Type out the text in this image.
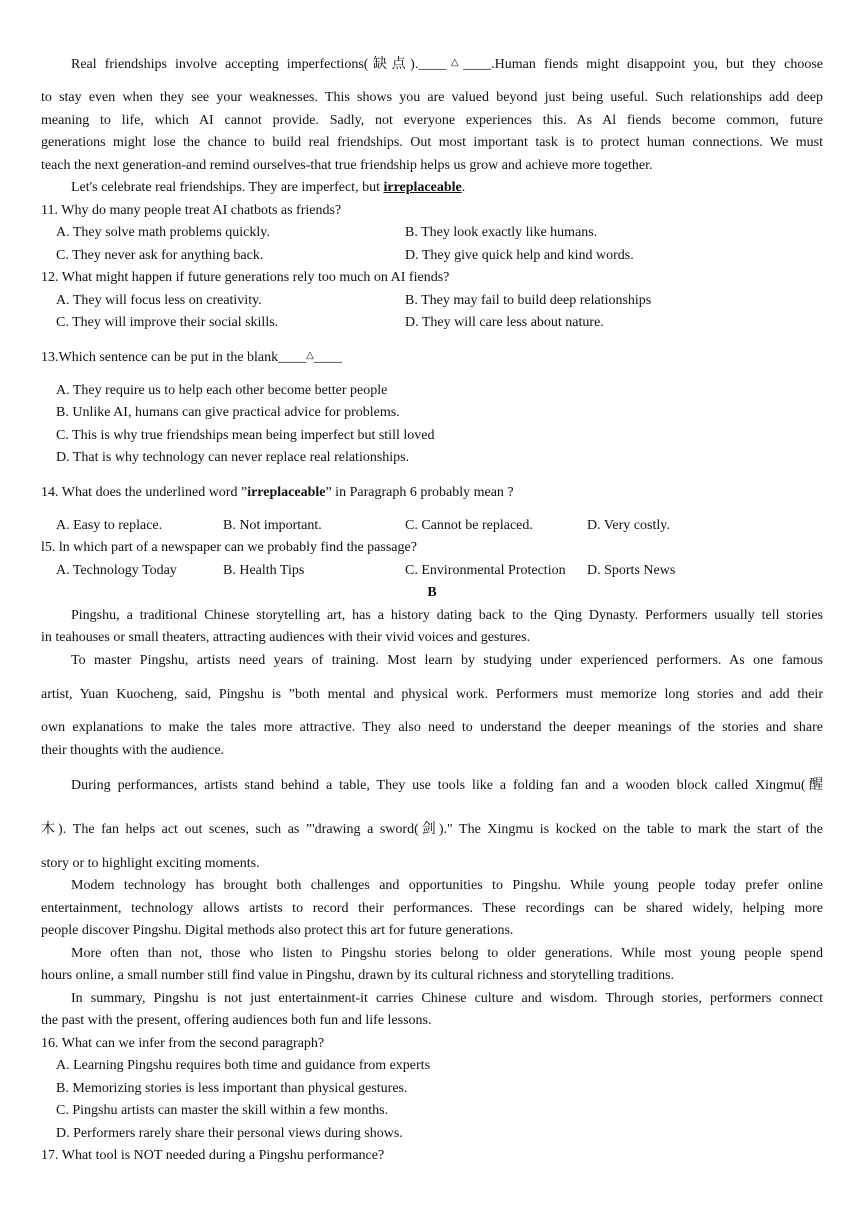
Real friendships involve accepting imperfections(缺点).____△____.Human fiends might disappoint you, but they choose
to stay even when they see your weaknesses. This shows you are valued beyond just being useful. Such relationships add deep
meaning to life, which AI cannot provide. Sadly, not everyone experiences this. As Al fiends become common, future
generations might lose the chance to build real friendships. Out most important task is to protect human connections. We must
teach the next generation-and remind ourselves-that true friendship helps us grow and achieve more together.
Let's celebrate real friendships. They are imperfect, but irreplaceable.
11. Why do many people treat AI chatbots as friends?
A. They solve math problems quickly.	B. They look exactly like humans.
C. They never ask for anything back.	D. They give quick help and kind words.
12. What might happen if future generations rely too much on AI fiends?
A. They will focus less on creativity.	B. They may fail to build deep relationships
C. They will improve their social skills.	D. They will care less about nature.
13.Which sentence can be put in the blank____△____
A. They require us to help each other become better people
B. Unlike AI, humans can give practical advice for problems.
C. This is why true friendships mean being imperfect but still loved
D. That is why technology can never replace real relationships.
14. What does the underlined word ”irreplaceable” in Paragraph 6 probably mean ?
A. Easy to replace.	B. Not important.	C. Cannot be replaced.	D. Very costly.
l5. ln which part of a newspaper can we probably find the passage?
A. Technology Today	B. Health Tips	C. Environmental Protection D. Sports News
B
Pingshu, a traditional Chinese storytelling art, has a history dating back to the Qing Dynasty. Performers usually tell stories
in teahouses or small theaters, attracting audiences with their vivid voices and gestures.
To master Pingshu, artists need years of training. Most learn by studying under experienced performers. As one famous
artist, Yuan Kuocheng, said, Pingshu is ”both mental and physical work. Performers must memorize long stories and add their
own explanations to make the tales more attractive. They also need to understand the deeper meanings of the stories and share
their thoughts with the audience.
During performances, artists stand behind a table, They use tools like a folding fan and a wooden block called Xingmu(醒
木). The fan helps act out scenes, such as ”'drawing a sword(剑)." The Xingmu is kocked on the table to mark the start of the
story or to highlight exciting moments.
Modem technology has brought both challenges and opportunities to Pingshu. While young people today prefer online
entertainment, technology allows artists to record their performances. These recordings can be shared widely, helping more
people discover Pingshu. Digital methods also protect this art for future generations.
More often than not, those who listen to Pingshu stories belong to older generations. While most young people spend
hours online, a small number still find value in Pingshu, drawn by its cultural richness and storytelling traditions.
In summary, Pingshu is not just entertainment-it carries Chinese culture and wisdom. Through stories, performers connect
the past with the present, offering audiences both fun and life lessons.
16. What can we infer from the second paragraph?
A. Learning Pingshu requires both time and guidance from experts
B. Memorizing stories is less important than physical gestures.
C. Pingshu artists can master the skill within a few months.
D. Performers rarely share their personal views during shows.
17. What tool is NOT needed during a Pingshu performance?
